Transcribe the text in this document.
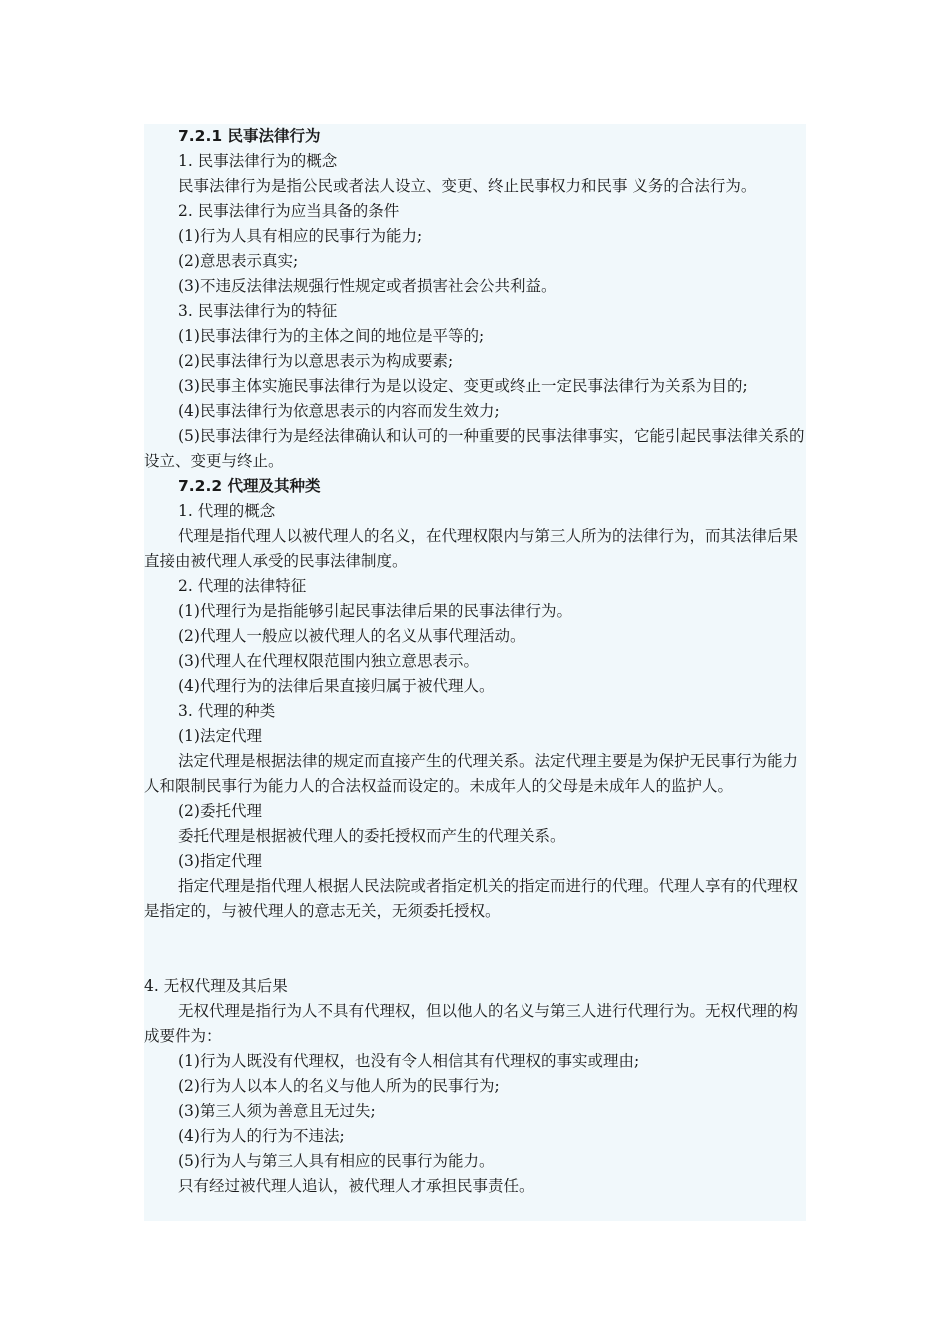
7.2.1 民事法律行为

1. 民事法律行为的概念

民事法律行为是指公民或者法人设立、变更、终止民事权力和民事 义务的合法行为。

2. 民事法律行为应当具备的条件

(1)行为人具有相应的民事行为能力;

(2)意思表示真实;

(3)不违反法律法规强行性规定或者损害社会公共利益。

3. 民事法律行为的特征

(1)民事法律行为的主体之间的地位是平等的;

(2)民事法律行为以意思表示为构成要素;

(3)民事主体实施民事法律行为是以设定、变更或终止一定民事法律行为关系为目的;

(4)民事法律行为依意思表示的内容而发生效力;

(5)民事法律行为是经法律确认和认可的一种重要的民事法律事实，它能引起民事法律关系的设立、变更与终止。

7.2.2 代理及其种类

1. 代理的概念

代理是指代理人以被代理人的名义，在代理权限内与第三人所为的法律行为，而其法律后果直接由被代理人承受的民事法律制度。

2. 代理的法律特征

(1)代理行为是指能够引起民事法律后果的民事法律行为。

(2)代理人一般应以被代理人的名义从事代理活动。

(3)代理人在代理权限范围内独立意思表示。

(4)代理行为的法律后果直接归属于被代理人。

3. 代理的种类

(1)法定代理

法定代理是根据法律的规定而直接产生的代理关系。法定代理主要是为保护无民事行为能力人和限制民事行为能力人的合法权益而设定的。未成年人的父母是未成年人的监护人。

(2)委托代理

委托代理是根据被代理人的委托授权而产生的代理关系。

(3)指定代理

指定代理是指代理人根据人民法院或者指定机关的指定而进行的代理。代理人享有的代理权是指定的，与被代理人的意志无关，无须委托授权。

4. 无权代理及其后果

无权代理是指行为人不具有代理权，但以他人的名义与第三人进行代理行为。无权代理的构成要件为：

(1)行为人既没有代理权，也没有令人相信其有代理权的事实或理由;

(2)行为人以本人的名义与他人所为的民事行为;

(3)第三人须为善意且无过失;

(4)行为人的行为不违法;

(5)行为人与第三人具有相应的民事行为能力。

只有经过被代理人追认，被代理人才承担民事责任。
